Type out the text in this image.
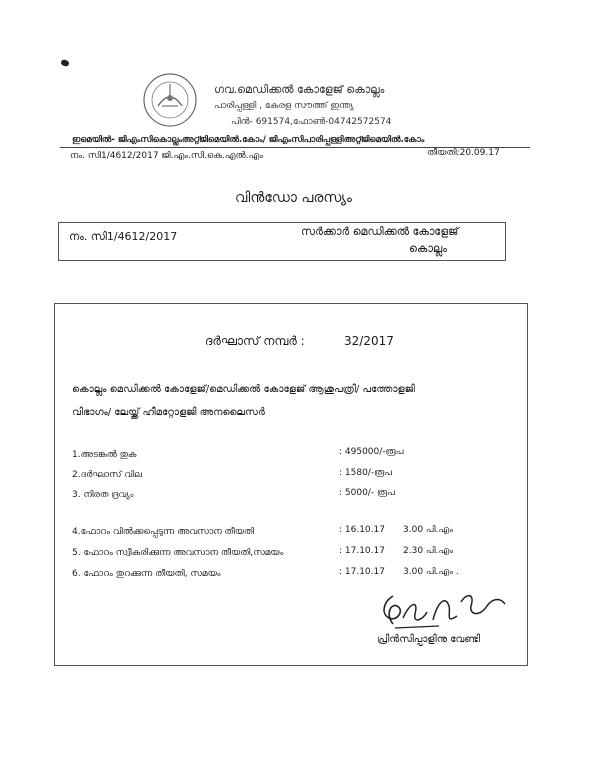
ഗവ.മെഡിക്കൽ കോളേജ് കൊല്ലം
പാരിപ്പള്ളി , കേരള സൗത്ത് ഇന്ത്യ
പിൻ- 691574,ഫോൺ-04742572574
ഇമെയിൽ- ജിഎംസികൊല്ലംഅറ്റ്ജിമെയിൽ.കോം/ ജിഎംസിപാരിപ്പള്ളിഅറ്റ്ജിമെയിൽ.കോം
നം. സി1/4612/2017 ജി.എം.സി.കെ.എൽ.എം	തീയതി:20.09.17
വിൻഡോ പരസ്യം
നം. സി1/4612/2017	സർക്കാർ മെഡിക്കൽ കോളേജ്
കൊല്ലം
ദർഘാസ് നമ്പർ :	32/2017
കൊല്ലം മെഡിക്കൽ കോളേജ്/മെഡിക്കൽ കോളേജ് ആശുപത്രി/ പത്തോളജി
വിഭാഗം/ ലേയ്ക്ക് ഹീമറ്റോളജി അനലൈസർ
1.അടങ്കൽ തുക	: 495000/-രൂപ
2.ദർഘാസ് വില	: 1580/-രൂപ
3. നിരത ദ്രവ്യം	: 5000/- രൂപ
4.ഫോറം വിൽക്കപ്പെടുന്ന അവസാന തീയതി	: 16.10.17 3.00 പി.എം
5. ഫോറം സ്വീകരിക്കുന്ന അവസാന തീയതി,സമയം	: 17.10.17 2.30 പി.എം
6. ഫോറം തുറക്കുന്ന തീയതി, സമയം	: 17.10.17 3.00 പി.എം .
പ്രിൻസിപ്പാളിനു വേണ്ടി
